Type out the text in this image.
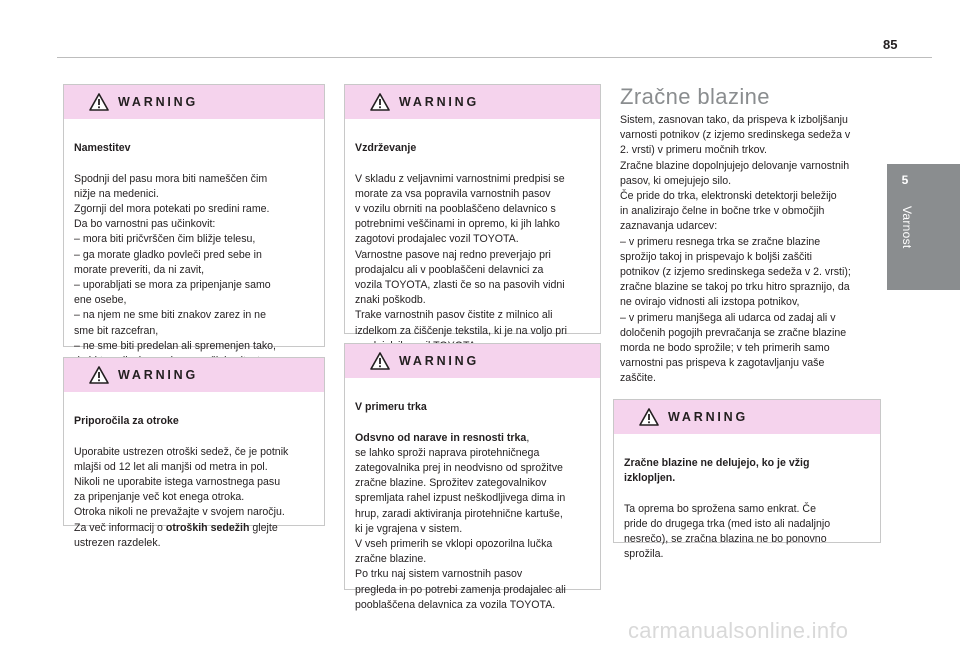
85
5
Varnost
WARNING

Namestitev

Spodnji del pasu mora biti nameščen čim
nižje na medenici.
Zgornji del mora potekati po sredini rame.
Da bo varnostni pas učinkovit:
– mora biti pričvrščen čim bližje telesu,
– ga morate gladko povleči pred sebe in
morate preveriti, da ni zavit,
– uporabljati se mora za pripenjanje samo
ene osebe,
– na njem ne sme biti znakov zarez in ne
sme bit razcefran,
– ne sme biti predelan ali spremenjen tako,

WARNING

Priporočila za otroke

Uporabite ustrezen otroški sedež, če je potnik
mlajši od 12 let ali manjši od metra in pol.
Nikoli ne uporabite istega varnostnega pasu
za pripenjanje več kot enega otroka.
Otroka nikoli ne prevažajte v svojem naročju.
Za več informacij o otroških sedežih glejte
ustrezen razdelek.

WARNING

Vzdrževanje

V skladu z veljavnimi varnostnimi predpisi se
morate za vsa popravila varnostnih pasov
v vozilu obrniti na pooblaščeno delavnico s
potrebnimi veščinami in opremo, ki jih lahko
zagotovi prodajalec vozil TOYOTA.
Varnostne pasove naj redno preverjajo pri
prodajalcu ali v pooblaščeni delavnici za
vozila TOYOTA, zlasti če so na pasovih vidni
znaki poškodb.
Trake varnostnih pasov čistite z milnico ali
izdelkom za čiščenje tekstila, ki je na voljo pri

WARNING

V primeru trka

Odsvno od narave in resnosti trka,
se lahko sproži naprava pirotehničnega
zategovalnika prej in neodvisno od sprožitve
zračne blazine. Sprožitev zategovalnikov
spremljata rahel izpust neškodljivega dima in
hrup, zaradi aktiviranja pirotehnične kartuše,
ki je vgrajena v sistem.
V vseh primerih se vklopi opozorilna lučka
zračne blazine.
Po trku naj sistem varnostnih pasov
pregleda in po potrebi zamenja prodajalec ali
pooblaščena delavnica za vozila TOYOTA.

Zračne blazine
Sistem, zasnovan tako, da prispeva k izboljšanju
varnosti potnikov (z izjemo sredinskega sedeža v
2. vrsti) v primeru močnih trkov.
Zračne blazine dopolnjujejo delovanje varnostnih
pasov, ki omejujejo silo.
Če pride do trka, elektronski detektorji beležijo
in analizirajo čelne in bočne trke v območjih
zaznavanja udarcev:
– v primeru resnega trka se zračne blazine
sprožijo takoj in prispevajo k boljši zaščiti
potnikov (z izjemo sredinskega sedeža v 2. vrsti);
zračne blazine se takoj po trku hitro spraznijo, da
ne ovirajo vidnosti ali izstopa potnikov,
– v primeru manjšega ali udarca od zadaj ali v
določenih pogojih prevračanja se zračne blazine
morda ne bodo sprožile; v teh primerih samo
varnostni pas prispeva k zagotavljanju vaše
zaščite.
WARNING

Zračne blazine ne delujejo, ko je vžig
izklopljen.

Ta oprema bo sprožena samo enkrat. Če
pride do drugega trka (med isto ali nadaljnjo
nesrečo), se zračna blazina ne bo ponovno
sprožila.

carmanualsonline.info
